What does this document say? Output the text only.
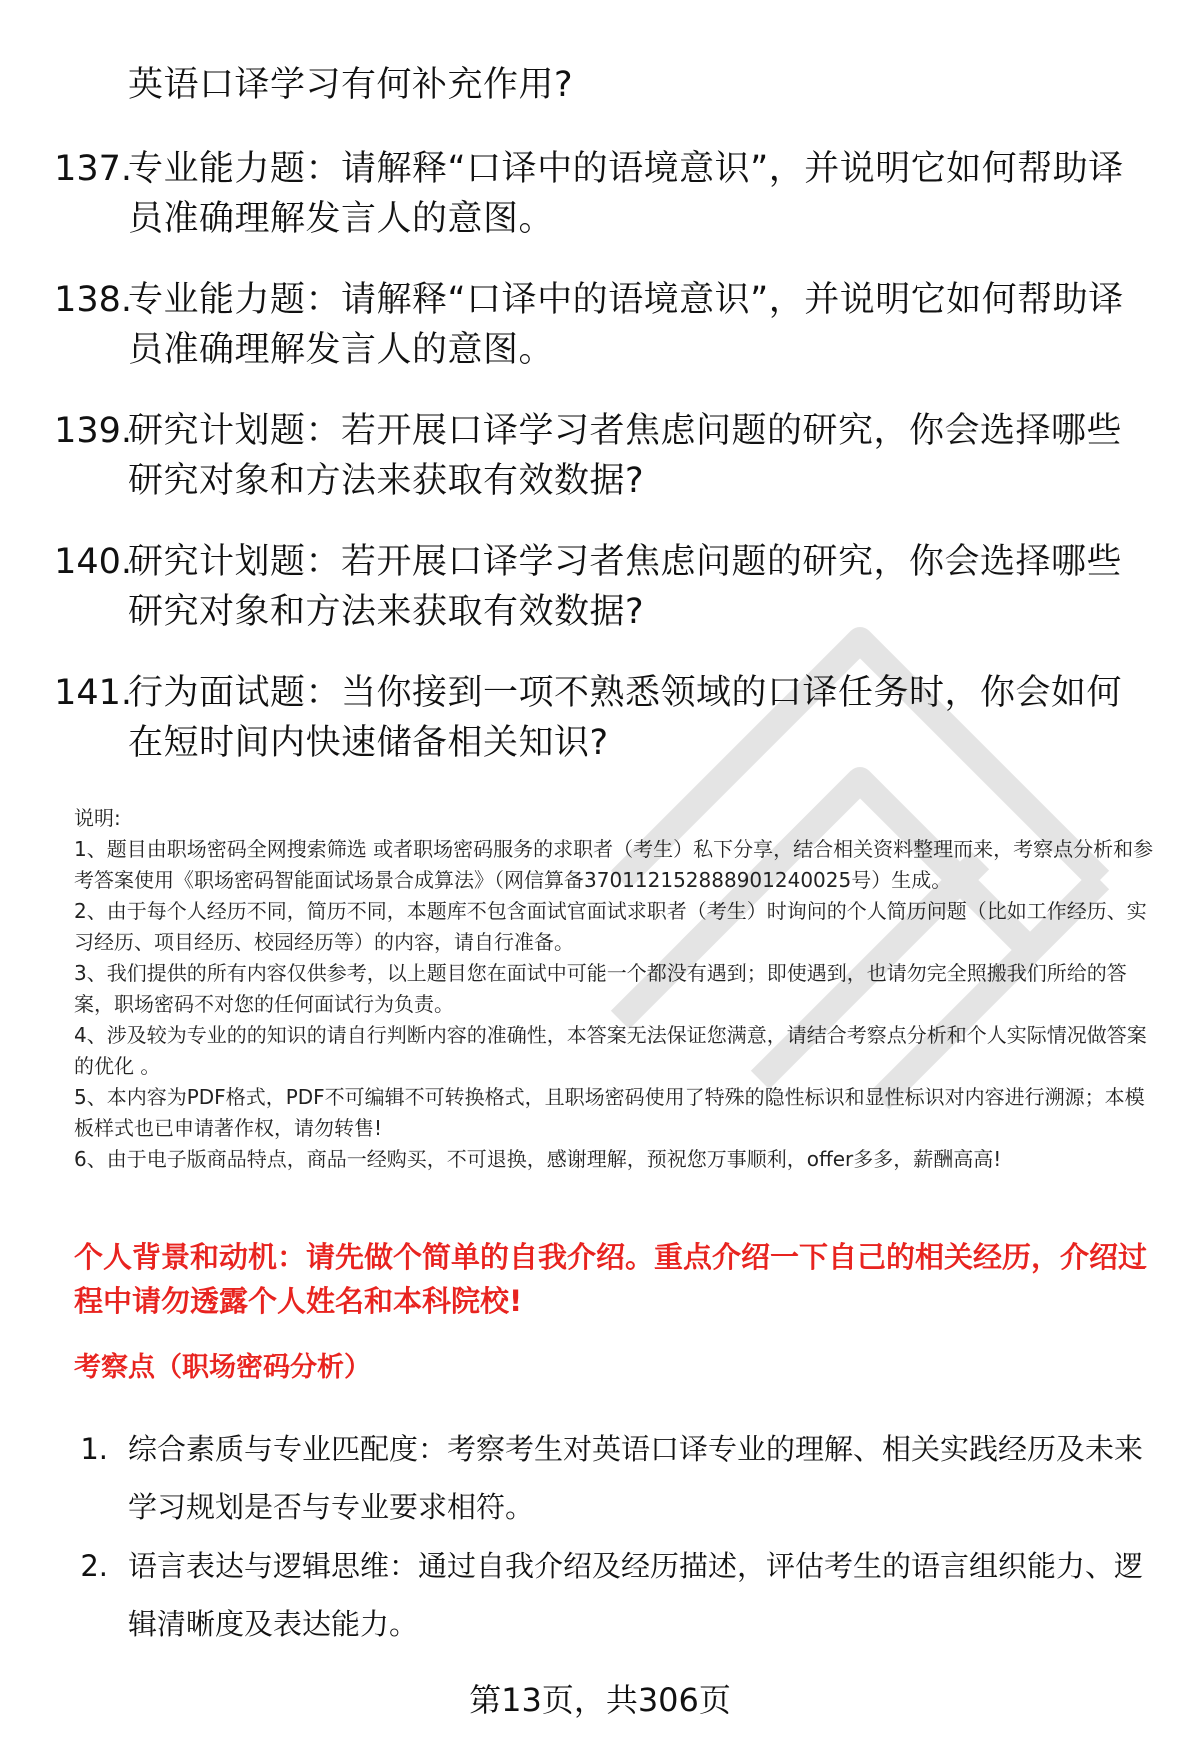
英语口译学习有何补充作用?
137.
专业能力题：请解释“口译中的语境意识”，并说明它如何帮助译员准确理解发言人的意图。
138.
专业能力题：请解释“口译中的语境意识”，并说明它如何帮助译员准确理解发言人的意图。
139.
研究计划题：若开展口译学习者焦虑问题的研究，你会选择哪些研究对象和方法来获取有效数据?
140.
研究计划题：若开展口译学习者焦虑问题的研究，你会选择哪些研究对象和方法来获取有效数据?
141.
行为面试题：当你接到一项不熟悉领域的口译任务时，你会如何在短时间内快速储备相关知识?

说明:

1、题目由职场密码全网搜索筛选 或者职场密码服务的求职者（考生）私下分享，结合相关资料整理而来，考察点分析和参考答案使用《职场密码智能面试场景合成算法》（网信算备370112152888901240025号）生成。

2、由于每个人经历不同，简历不同，本题库不包含面试官面试求职者（考生）时询问的个人简历问题（比如工作经历、实习经历、项目经历、校园经历等）的内容，请自行准备。

3、我们提供的所有内容仅供参考，以上题目您在面试中可能一个都没有遇到；即使遇到，也请勿完全照搬我们所给的答案，职场密码不对您的任何面试行为负责。

4、涉及较为专业的的知识的请自行判断内容的准确性，本答案无法保证您满意，请结合考察点分析和个人实际情况做答案的优化 。

5、本内容为PDF格式，PDF不可编辑不可转换格式，且职场密码使用了特殊的隐性标识和显性标识对内容进行溯源；本模板样式也已申请著作权，请勿转售!

6、由于电子版商品特点，商品一经购买，不可退换，感谢理解，预祝您万事顺利，offer多多，薪酬高高!

个人背景和动机：请先做个简单的自我介绍。重点介绍一下自己的相关经历，介绍过程中请勿透露个人姓名和本科院校!
考察点（职场密码分析）
1. 综合素质与专业匹配度：考察考生对英语口译专业的理解、相关实践经历及未来学习规划是否与专业要求相符。
2. 语言表达与逻辑思维：通过自我介绍及经历描述，评估考生的语言组织能力、逻辑清晰度及表达能力。
第13页，共306页
